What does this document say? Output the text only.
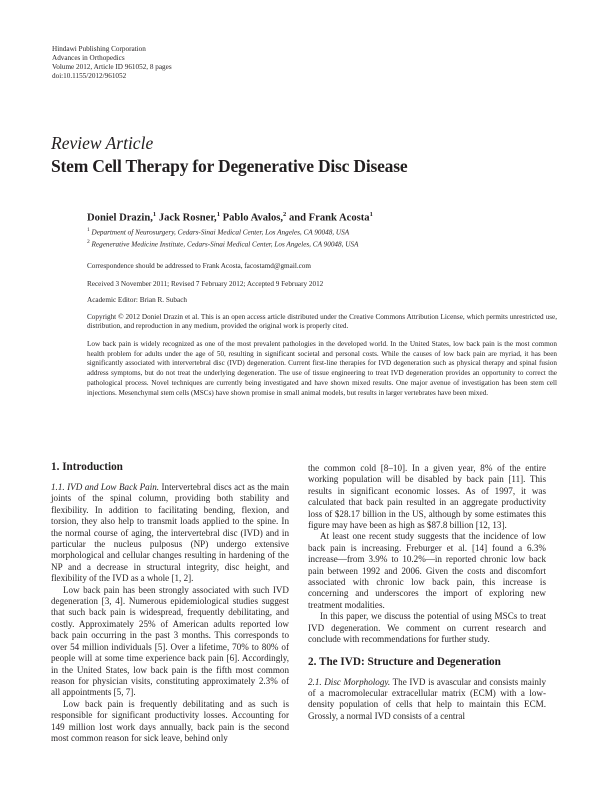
Hindawi Publishing Corporation
Advances in Orthopedics
Volume 2012, Article ID 961052, 8 pages
doi:10.1155/2012/961052
Review Article
Stem Cell Therapy for Degenerative Disc Disease
Doniel Drazin,$^1$ Jack Rosner,$^1$ Pablo Avalos,$^2$ and Frank Acosta$^1$
$^1$ Department of Neurosurgery, Cedars-Sinai Medical Center, Los Angeles, CA 90048, USA
$^2$ Regenerative Medicine Institute, Cedars-Sinai Medical Center, Los Angeles, CA 90048, USA
Correspondence should be addressed to Frank Acosta, facostamd@gmail.com
Received 3 November 2011; Revised 7 February 2012; Accepted 9 February 2012
Academic Editor: Brian R. Subach
Copyright © 2012 Doniel Drazin et al. This is an open access article distributed under the Creative Commons Attribution License, which permits unrestricted use, distribution, and reproduction in any medium, provided the original work is properly cited.
Low back pain is widely recognized as one of the most prevalent pathologies in the developed world. In the United States, low back pain is the most common health problem for adults under the age of 50, resulting in significant societal and personal costs. While the causes of low back pain are myriad, it has been significantly associated with intervertebral disc (IVD) degeneration. Current first-line therapies for IVD degeneration such as physical therapy and spinal fusion address symptoms, but do not treat the underlying degeneration. The use of tissue engineering to treat IVD degeneration provides an opportunity to correct the pathological process. Novel techniques are currently being investigated and have shown mixed results. One major avenue of investigation has been stem cell injections. Mesenchymal stem cells (MSCs) have shown promise in small animal models, but results in larger vertebrates have been mixed.
1. Introduction

1.1. IVD and Low Back Pain. Intervertebral discs act as the main joints of the spinal column, providing both stability and flexibility. In addition to facilitating bending, flexion, and torsion, they also help to transmit loads applied to the spine. In the normal course of aging, the intervertebral disc (IVD) and in particular the nucleus pulposus (NP) undergo extensive morphological and cellular changes resulting in hardening of the NP and a decrease in structural integrity, disc height, and flexibility of the IVD as a whole [1, 2].

Low back pain has been strongly associated with such IVD degeneration [3, 4]. Numerous epidemiological studies suggest that such back pain is widespread, frequently debilitating, and costly. Approximately 25% of American adults reported low back pain occurring in the past 3 months. This corresponds to over 54 million individuals [5]. Over a lifetime, 70% to 80% of people will at some time experience back pain [6]. Accordingly, in the United States, low back pain is the fifth most common reason for physician visits, constituting approximately 2.3% of all appointments [5, 7].

Low back pain is frequently debilitating and as such is responsible for significant productivity losses. Accounting for 149 million lost work days annually, back pain is the second most common reason for sick leave, behind only

the common cold [8–10]. In a given year, 8% of the entire working population will be disabled by back pain [11]. This results in significant economic losses. As of 1997, it was calculated that back pain resulted in an aggregate productivity loss of $28.17 billion in the US, although by some estimates this figure may have been as high as $87.8 billion [12, 13].

At least one recent study suggests that the incidence of low back pain is increasing. Freburger et al. [14] found a 6.3% increase—from 3.9% to 10.2%—in reported chronic low back pain between 1992 and 2006. Given the costs and discomfort associated with chronic low back pain, this increase is concerning and underscores the import of exploring new treatment modalities.

In this paper, we discuss the potential of using MSCs to treat IVD degeneration. We comment on current research and conclude with recommendations for further study.

2. The IVD: Structure and Degeneration

2.1. Disc Morphology. The IVD is avascular and consists mainly of a macromolecular extracellular matrix (ECM) with a low-density population of cells that help to maintain this ECM. Grossly, a normal IVD consists of a central
